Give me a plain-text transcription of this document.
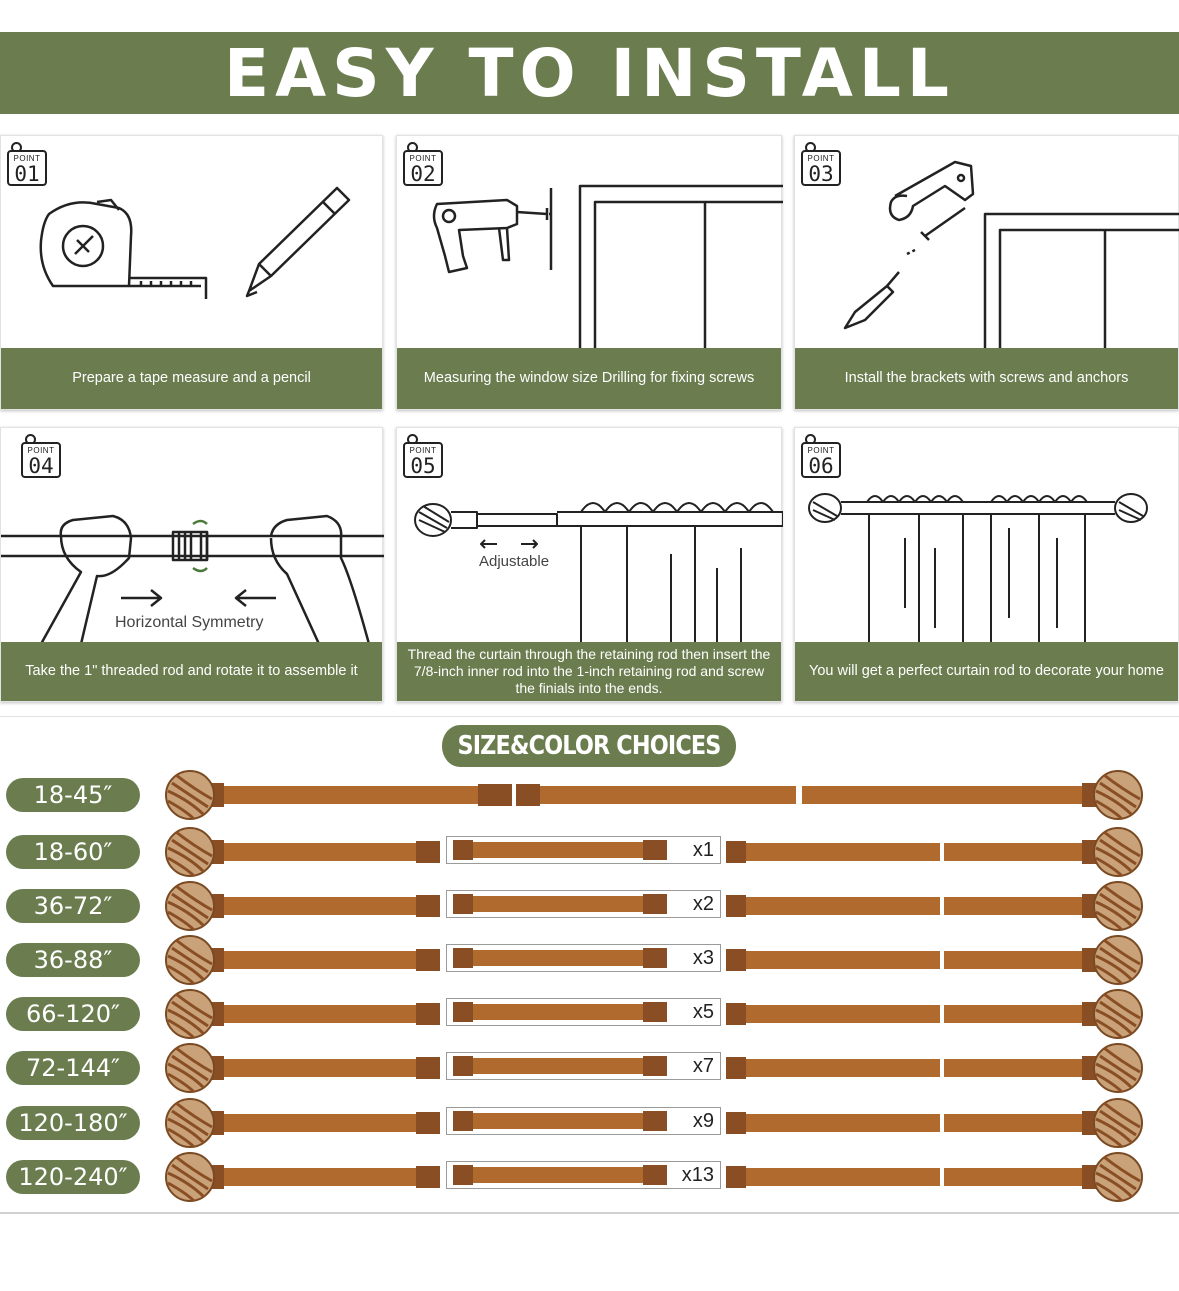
EASY TO INSTALL
POINT
01
Prepare a tape measure and a pencil
POINT
02
Measuring the window size Drilling for fixing screws
POINT
03
Install the brackets with screws and anchors
Horizontal Symmetry
POINT
04
Take the 1" threaded rod and rotate it to assemble it
Adjustable
POINT
05
Thread the curtain through the retaining rod then insert the 7/8-inch inner rod into the 1-inch retaining rod and screw the finials into the ends.
POINT
06
You will get a perfect curtain rod to decorate your home
SIZE&COLOR CHOICES
18-45″
18-60″	x1
36-72″	x2
36-88″	x3
66-120″	x5
72-144″	x7
120-180″	x9
120-240″	x13
